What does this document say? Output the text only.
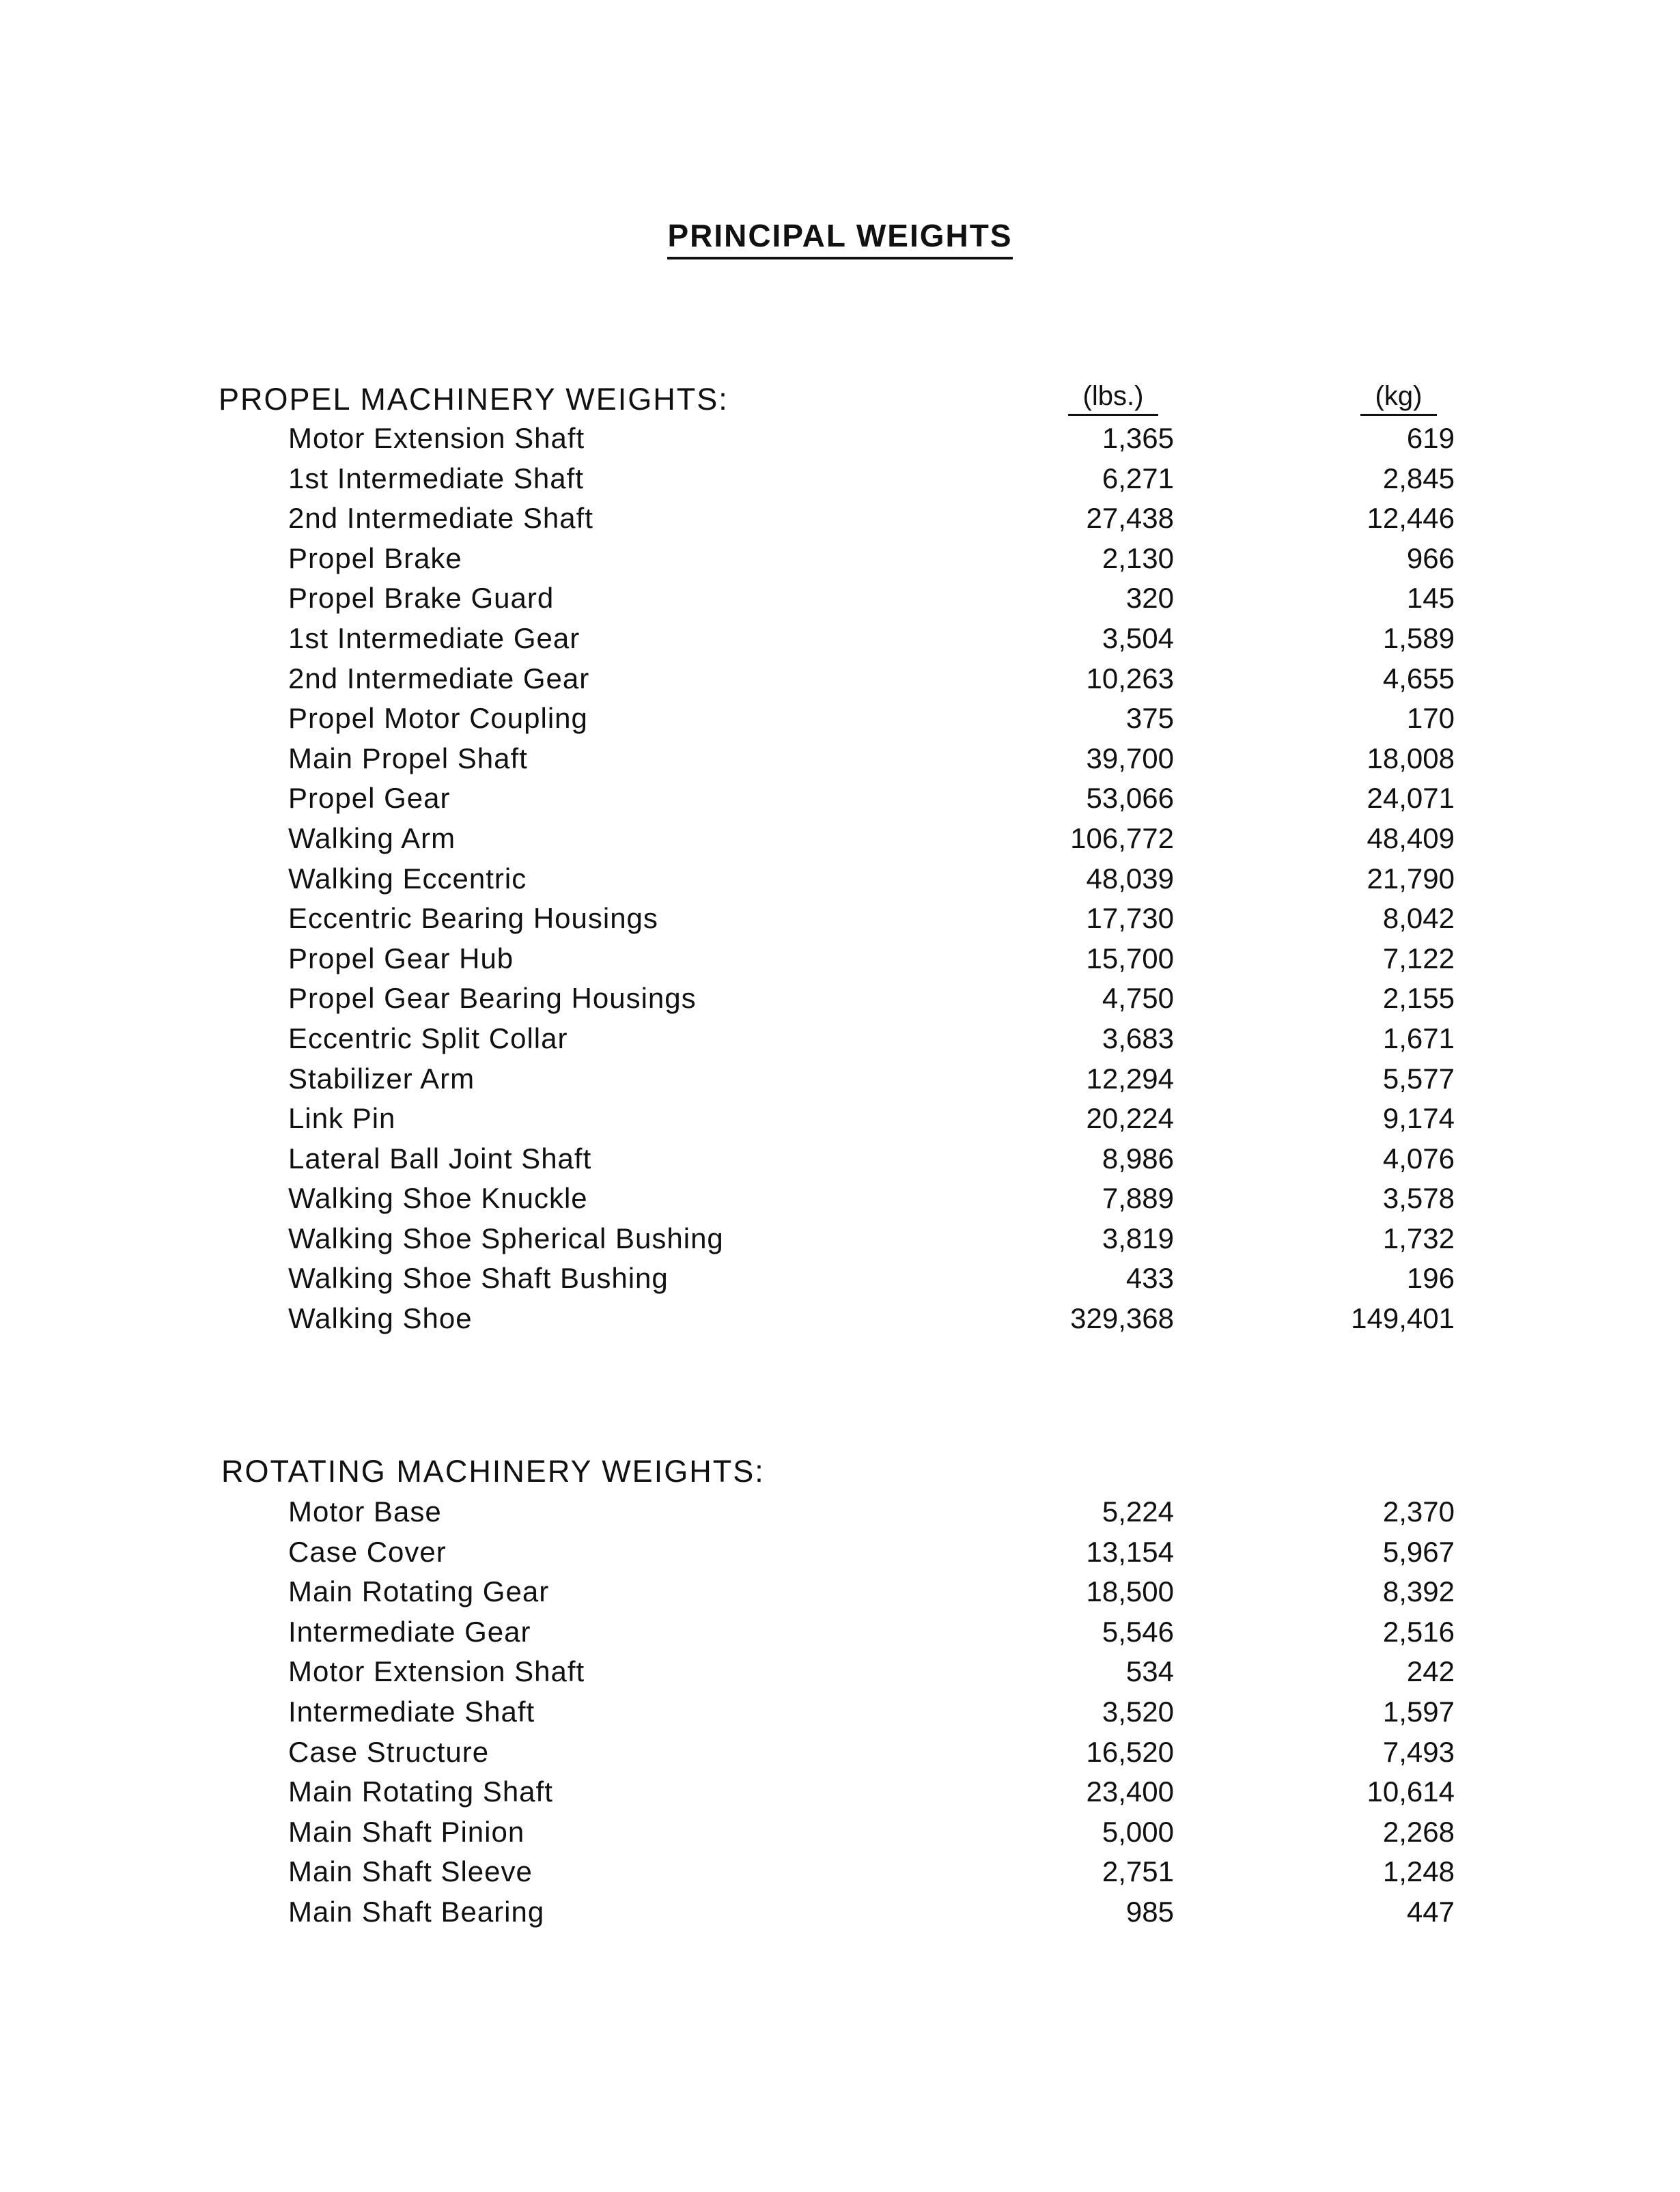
PRINCIPAL WEIGHTS
PROPEL MACHINERY WEIGHTS:	(lbs.)	(kg)
Motor Extension Shaft	1,365	619
1st Intermediate Shaft	6,271	2,845
2nd Intermediate Shaft	27,438	12,446
Propel Brake	2,130	966
Propel Brake Guard	320	145
1st Intermediate Gear	3,504	1,589
2nd Intermediate Gear	10,263	4,655
Propel Motor Coupling	375	170
Main Propel Shaft	39,700	18,008
Propel Gear	53,066	24,071
Walking Arm	106,772	48,409
Walking Eccentric	48,039	21,790
Eccentric Bearing Housings	17,730	8,042
Propel Gear Hub	15,700	7,122
Propel Gear Bearing Housings	4,750	2,155
Eccentric Split Collar	3,683	1,671
Stabilizer Arm	12,294	5,577
Link Pin	20,224	9,174
Lateral Ball Joint Shaft	8,986	4,076
Walking Shoe Knuckle	7,889	3,578
Walking Shoe Spherical Bushing	3,819	1,732
Walking Shoe Shaft Bushing	433	196
Walking Shoe	329,368	149,401
ROTATING MACHINERY WEIGHTS:
Motor Base	5,224	2,370
Case Cover	13,154	5,967
Main Rotating Gear	18,500	8,392
Intermediate Gear	5,546	2,516
Motor Extension Shaft	534	242
Intermediate Shaft	3,520	1,597
Case Structure	16,520	7,493
Main Rotating Shaft	23,400	10,614
Main Shaft Pinion	5,000	2,268
Main Shaft Sleeve	2,751	1,248
Main Shaft Bearing	985	447
